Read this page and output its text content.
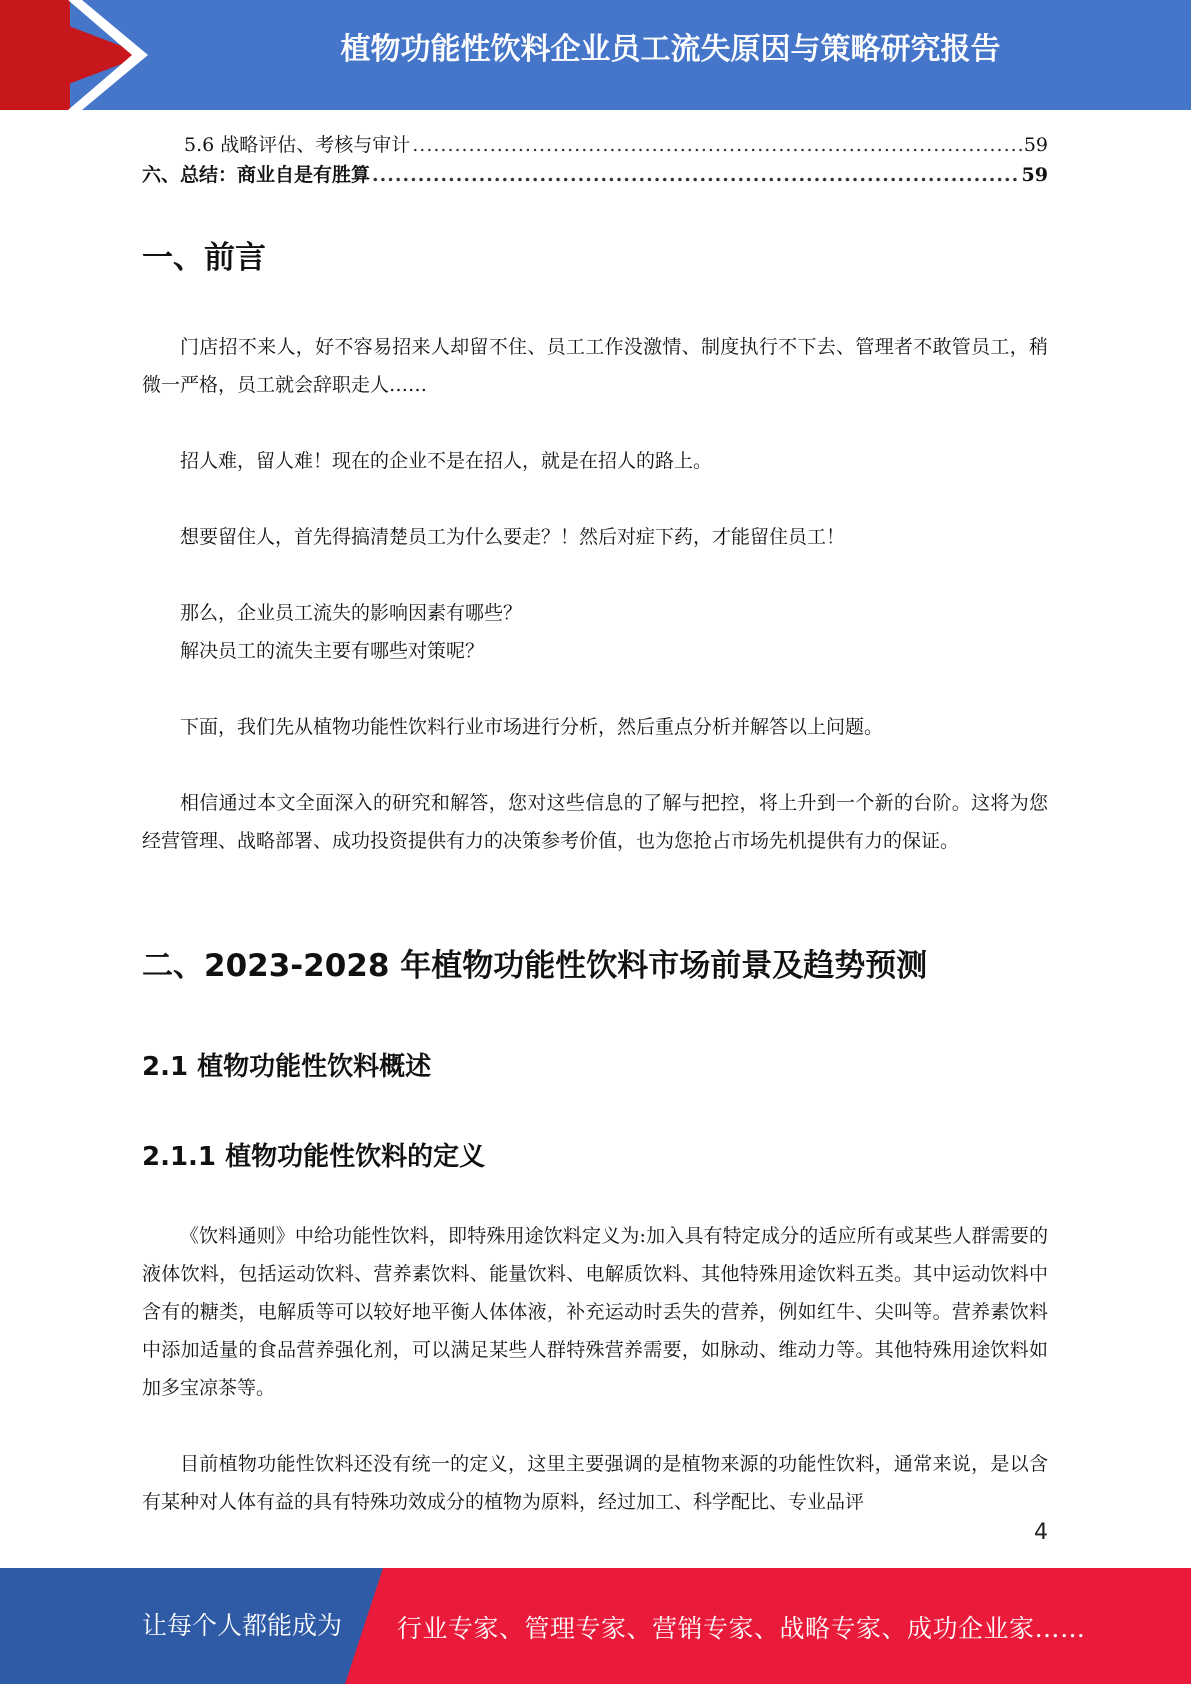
植物功能性饮料企业员工流失原因与策略研究报告
5.6 战略评估、考核与审计 .....	59
六、总结：商业自是有胜算 .....	59
一、前言

门店招不来人，好不容易招来人却留不住、员工工作没激情、制度执行不下去、管理者不敢管员工，稍微一严格，员工就会辞职走人……

招人难，留人难！现在的企业不是在招人，就是在招人的路上。

想要留住人，首先得搞清楚员工为什么要走？！然后对症下药，才能留住员工！

那么，企业员工流失的影响因素有哪些？

解决员工的流失主要有哪些对策呢？

下面，我们先从植物功能性饮料行业市场进行分析，然后重点分析并解答以上问题。

相信通过本文全面深入的研究和解答，您对这些信息的了解与把控，将上升到一个新的台阶。这将为您经营管理、战略部署、成功投资提供有力的决策参考价值，也为您抢占市场先机提供有力的保证。

二、2023-2028 年植物功能性饮料市场前景及趋势预测
2.1 植物功能性饮料概述
2.1.1 植物功能性饮料的定义

《饮料通则》中给功能性饮料，即特殊用途饮料定义为:加入具有特定成分的适应所有或某些人群需要的液体饮料，包括运动饮料、营养素饮料、能量饮料、电解质饮料、其他特殊用途饮料五类。其中运动饮料中含有的糖类，电解质等可以较好地平衡人体体液，补充运动时丢失的营养，例如红牛、尖叫等。营养素饮料中添加适量的食品营养强化剂，可以满足某些人群特殊营养需要，如脉动、维动力等。其他特殊用途饮料如加多宝凉茶等。

目前植物功能性饮料还没有统一的定义，这里主要强调的是植物来源的功能性饮料，通常来说，是以含有某种对人体有益的具有特殊功效成分的植物为原料，经过加工、科学配比、专业品评

4
让每个人都能成为 行业专家、管理专家、营销专家、战略专家、成功企业家……
